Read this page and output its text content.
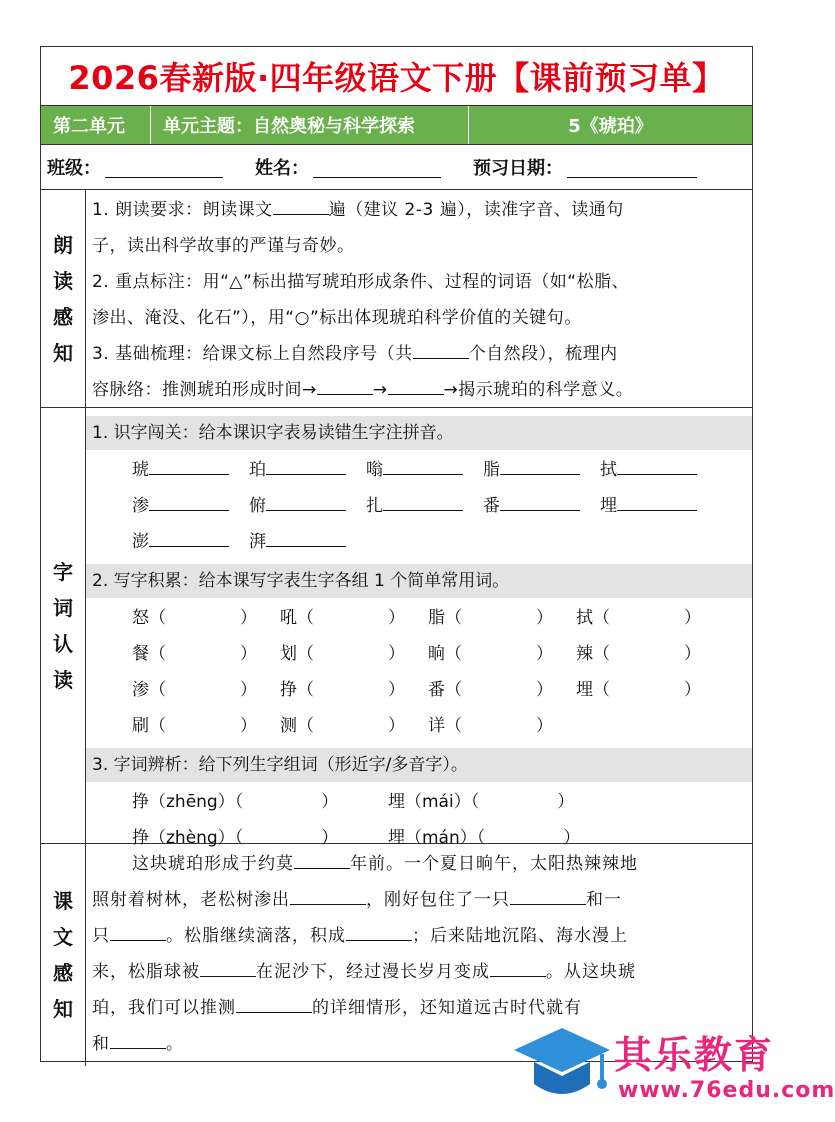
2026春新版·四年级语文下册【课前预习单】
第二单元	单元主题：自然奥秘与科学探索	5《琥珀》
班级：	姓名：	预习日期：
朗
读
感
知
1. 朗读要求：朗读课文	遍（建议 2-3 遍），读准字音、读通句
子，读出科学故事的严谨与奇妙。
2. 重点标注：用“△”标出描写琥珀形成条件、过程的词语（如“松脂、
渗出、淹没、化石”），用“○”标出体现琥珀科学价值的关键句。
3. 基础梳理：给课文标上自然段序号（共	个自然段），梳理内
容脉络：推测琥珀形成时间→	→	→揭示琥珀的科学意义。
字
词
认
读
1. 识字闯关：给本课识字表易读错生字注拼音。
琥	珀	嗡	脂	拭
渗	俯	扎	番	埋
澎	湃
2. 写字积累：给本课写字表生字各组 1 个简单常用词。
怒（	）	吼（	）	脂（	）	拭（	）
餐（	）	划（	）	晌（	）	辣（	）
渗（	）	挣（	）	番（	）	埋（	）
刷（	）	测（	）	详（	）
3. 字词辨析：给下列生字组词（形近字/多音字）。
挣（zhēng）（	）	埋（mái）（	）
挣（zhèng）（	）	埋（mán）（	）
课
文
感
知
这块琥珀形成于约莫	年前。一个夏日晌午，太阳热辣辣地
照射着树林，老松树渗出	，刚好包住了一只	和一
只	。松脂继续滴落，积成	；后来陆地沉陷、海水漫上
来，松脂球被	在泥沙下，经过漫长岁月变成	。从这块琥
珀，我们可以推测	的详细情形，还知道远古时代就有
和	。	其乐教育
www.76edu.com
